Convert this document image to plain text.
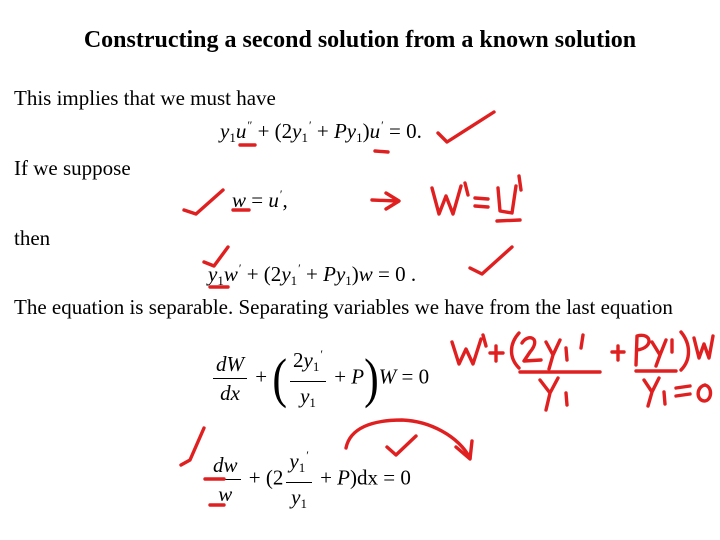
Constructing a second solution from a known solution
This implies that we must have
$y_1u'' + (2y_1' + Py_1)u' = 0$.
If we suppose
w = u′,
then
$y_1w' + (2y_1' + Py_1)w = 0$ .
The equation is separable. Separating variables we have from the last equation
$\frac{dW}{dx}$ + ( $\frac{2y_1'}{y_1} + P)W = 0$
$\frac{dw}{w} + (2 \frac{y_1'}{y_1} + P)dx = 0$
